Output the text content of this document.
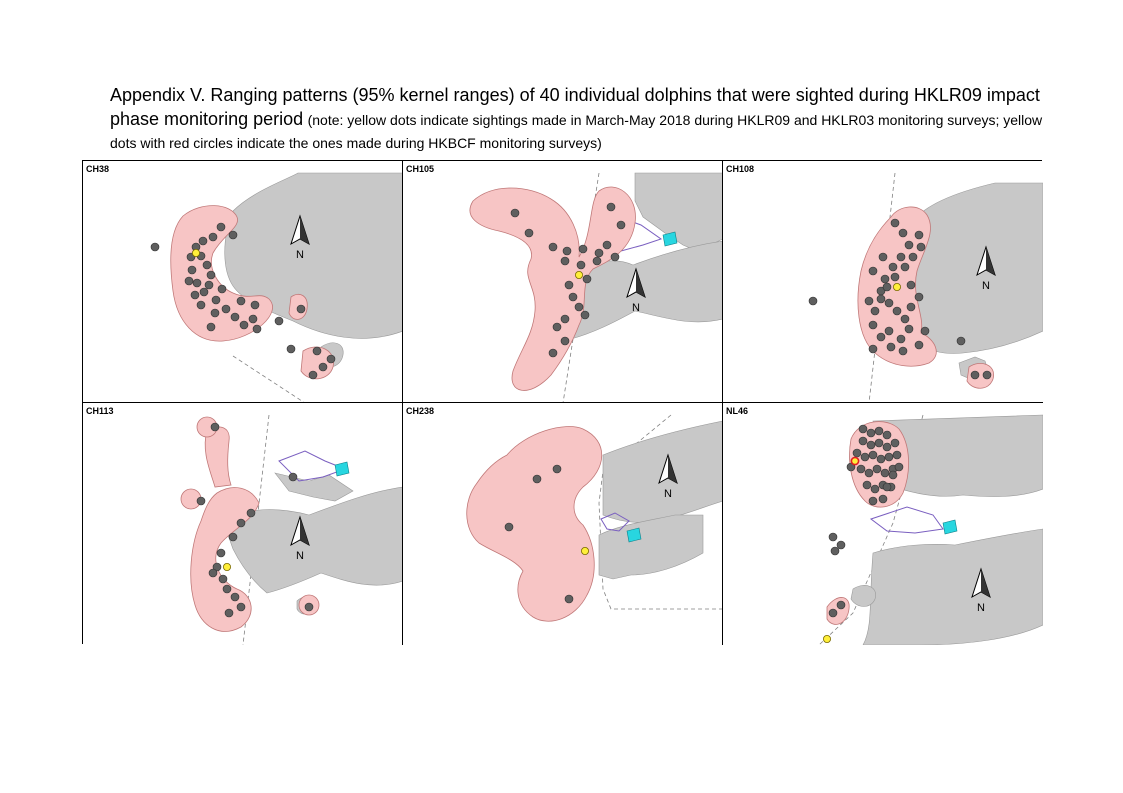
Appendix V. Ranging patterns (95% kernel ranges) of 40 individual dolphins that were sighted during HKLR09 impact phase monitoring period (note: yellow dots indicate sightings made in March-May 2018 during HKLR09 and HKLR03 monitoring surveys; yellow dots with red circles indicate the ones made during HKBCF monitoring surveys)
N
CH38
N
CH105
N
CH108
N
CH113
N
CH238
N
NL46
